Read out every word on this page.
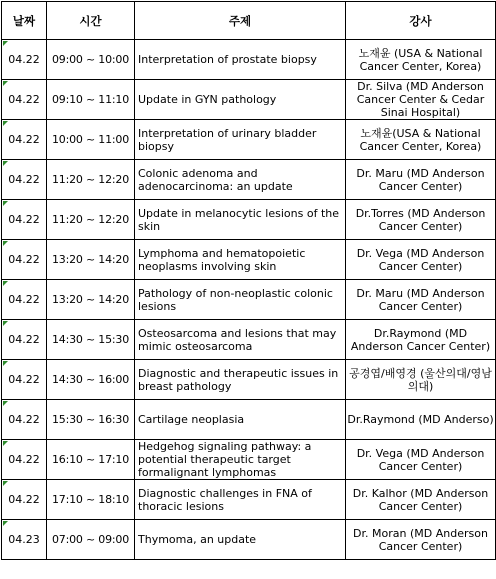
날짜	시간	주제	강사
04.22	09:00 ~ 10:00	Interpretation of prostate biopsy	노재윤 (USA & National Cancer Center, Korea)
04.22	09:10 ~ 11:10	Update in GYN pathology	Dr. Silva (MD Anderson Cancer Center & Cedar Sinai Hospital)
04.22	10:00 ~ 11:00	Interpretation of urinary bladder biopsy	노재윤(USA & National Cancer Center, Korea)
04.22	11:20 ~ 12:20	Colonic adenoma and adenocarcinoma: an update	Dr. Maru (MD Anderson Cancer Center)
04.22	11:20 ~ 12:20	Update in melanocytic lesions of the skin	Dr.Torres (MD Anderson Cancer Center)
04.22	13:20 ~ 14:20	Lymphoma and hematopoietic neoplasms involving skin	Dr. Vega (MD Anderson Cancer Center)
04.22	13:20 ~ 14:20	Pathology of non-neoplastic colonic lesions	Dr. Maru (MD Anderson Cancer Center)
04.22	14:30 ~ 15:30	Osteosarcoma and lesions that may mimic osteosarcoma	Dr.Raymond (MD Anderson Cancer Center)
04.22	14:30 ~ 16:00	Diagnostic and therapeutic issues in breast pathology	공경엽/배영경 (울산의대/영남의대)
04.22	15:30 ~ 16:30	Cartilage neoplasia	Dr.Raymond (MD Anderso)
04.22	16:10 ~ 17:10	Hedgehog signaling pathway: a potential therapeutic target formalignant lymphomas	Dr. Vega (MD Anderson Cancer Center)
04.22	17:10 ~ 18:10	Diagnostic challenges in FNA of thoracic lesions	Dr. Kalhor (MD Anderson Cancer Center)
04.23	07:00 ~ 09:00	Thymoma, an update	Dr. Moran (MD Anderson Cancer Center)
